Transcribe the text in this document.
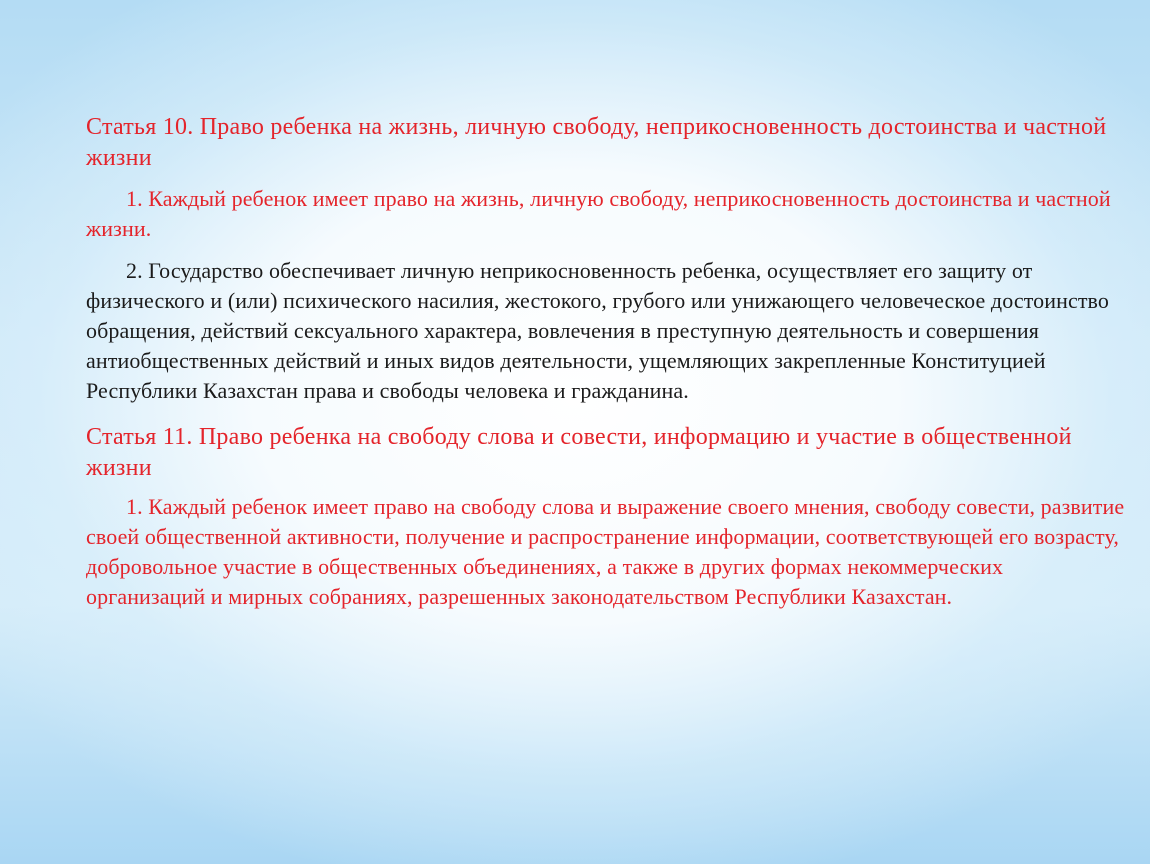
Статья 10. Право ребенка на жизнь, личную свободу, неприкосновенность достоинства и частной жизни

1. Каждый ребенок имеет право на жизнь, личную свободу, неприкосновенность достоинства и частной жизни.

2. Государство обеспечивает личную неприкосновенность ребенка, осуществляет его защиту от физического и (или) психического насилия, жестокого, грубого или унижающего человеческое достоинство обращения, действий сексуального характера, вовлечения в преступную деятельность и совершения антиобщественных действий и иных видов деятельности, ущемляющих закрепленные Конституцией Республики Казахстан права и свободы человека и гражданина.

Статья 11. Право ребенка на свободу слова и совести, информацию и участие в общественной жизни

1. Каждый ребенок имеет право на свободу слова и выражение своего мнения, свободу совести, развитие своей общественной активности, получение и распространение информации, соответствующей его возрасту, добровольное участие в общественных объединениях, а также в других формах некоммерческих организаций и мирных собраниях, разрешенных законодательством Республики Казахстан.
